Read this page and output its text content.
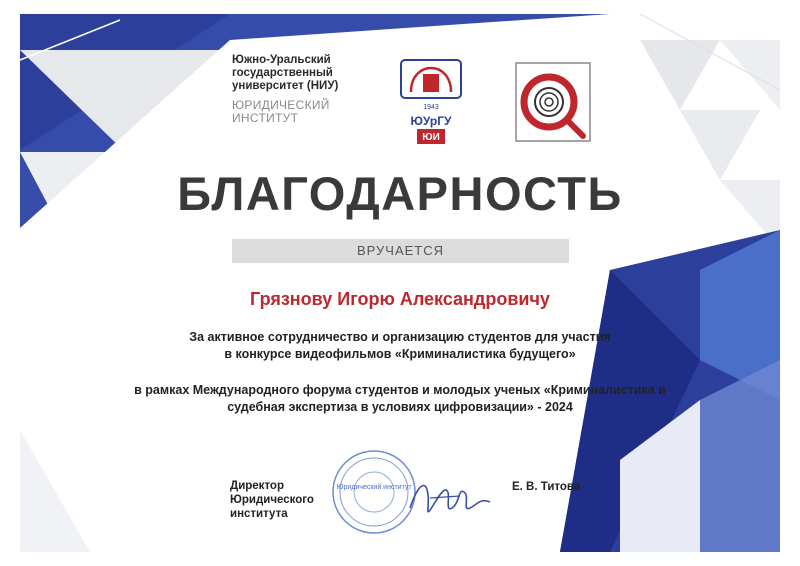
Южно-Уральский
государственный
университет (НИУ)
ЮРИДИЧЕСКИЙ
ИНСТИТУТ
1943
ЮУрГУ
ЮИ
БЛАГОДАРНОСТЬ
ВРУЧАЕТСЯ
Грязнову Игорю Александровичу
За активное сотрудничество и организацию студентов для участия
в конкурсе видеофильмов «Криминалистика будущего»
в рамках Международного форума студентов и молодых ученых «Криминалистика и
судебная экспертиза в условиях цифровизации» - 2024
Директор
Юридического
института
Юридический институт	Е. В. Титова
